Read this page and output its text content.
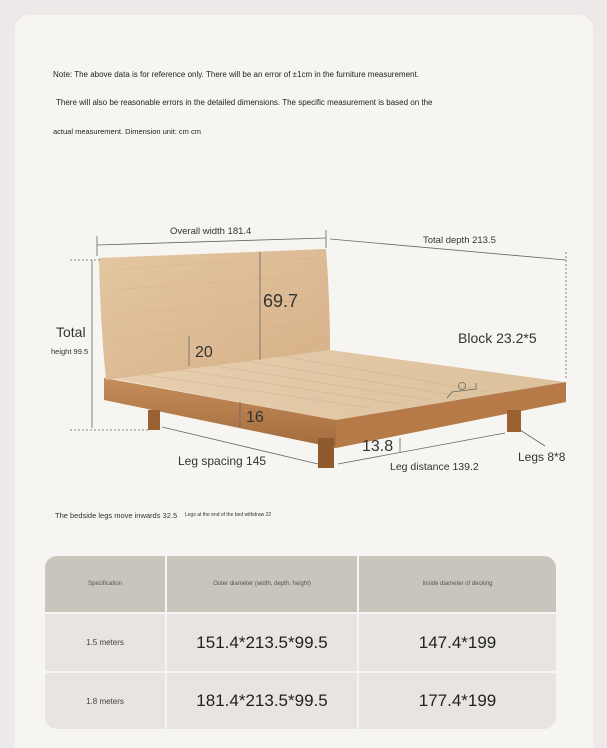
Note: The above data is for reference only. There will be an error of ±1cm in the furniture measurement.
There will also be reasonable errors in the detailed dimensions. The specific measurement is based on the
actual measurement. Dimension unit: cm cm
Overall width 181.4
Total depth 213.5
Total
height 99.5
69.7
20
16
Block 23.2*5
13.8
Leg spacing 145	Leg distance 139.2
Legs 8*8
The bedside legs move inwards 32.5 Legs at the end of the bed withdraw 22
Specification	Outer diameter (width, depth, height)	Inside diameter of decking
1.5 meters	151.4*213.5*99.5	147.4*199
1.8 meters	181.4*213.5*99.5	177.4*199
